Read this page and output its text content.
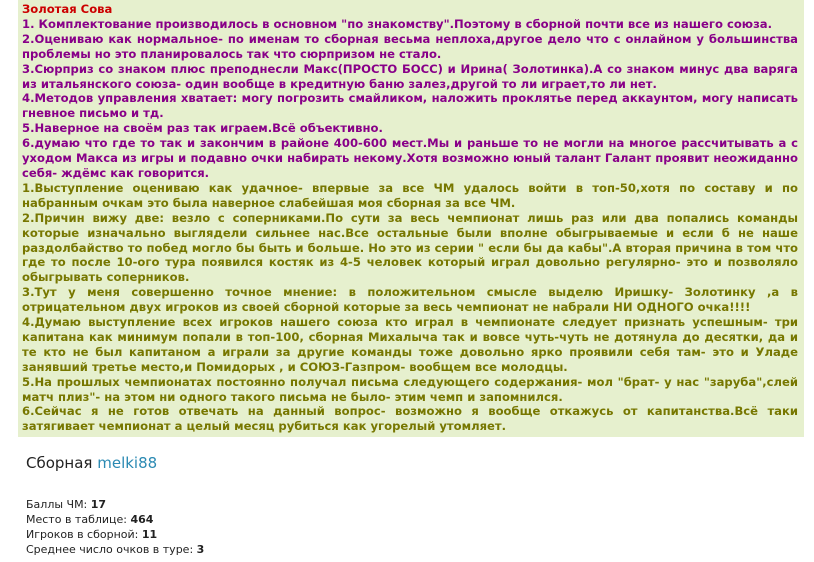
Золотая Сова

1. Комплектование производилось в основном "по знакомству".Поэтому в сборной почти все из нашего союза.

2.Оцениваю как нормальное- по именам то сборная весьма неплоха,другое дело что с онлайном у большинства проблемы но это планировалось так что сюрпризом не стало.

3.Сюрприз со знаком плюс преподнесли Макс(ПРОСТО БОСС) и Ирина( Золотинка).А со знаком минус два варяга из итальянского союза- один вообще в кредитную баню залез,другой то ли играет,то ли нет.

4.Методов управления хватает: могу погрозить смайликом, наложить проклятье перед аккаунтом, могу написать гневное письмо и тд.

5.Наверное на своём раз так играем.Всё объективно.

6.думаю что где то так и закончим в районе 400-600 мест.Мы и раньше то не могли на многое рассчитывать а с уходом Макса из игры и подавно очки набирать некому.Хотя возможно юный талант Галант проявит неожиданно себя- ждёмс как говорится.

1.Выступление оцениваю как удачное- впервые за все ЧМ удалось войти в топ-50,хотя по составу и по набранным очкам это была наверное слабейшая моя сборная за все ЧМ.

2.Причин вижу две: везло с соперниками.По сути за весь чемпионат лишь раз или два попались команды которые изначально выглядели сильнее нас.Все остальные были вполне обыгрываемые и если б не наше раздолбайство то побед могло бы быть и больше. Но это из серии " если бы да кабы".А вторая причина в том что где то после 10-ого тура появился костяк из 4-5 человек который играл довольно регулярно- это и позволяло обыгрывать соперников.

3.Тут у меня совершенно точное мнение: в положительном смысле выделю Иришку- Золотинку ,а в отрицательном двух игроков из своей сборной которые за весь чемпионат не набрали НИ ОДНОГО очка!!!!

4.Думаю выступление всех игроков нашего союза кто играл в чемпионате следует признать успешным- три капитана как минимум попали в топ-100, сборная Михалыча так и вовсе чуть-чуть не дотянула до десятки, да и те кто не был капитаном а играли за другие команды тоже довольно ярко проявили себя там- это и Уладе занявший третье место,и Помидорых , и СОЮЗ-Газпром- вообщем все молодцы.

5.На прошлых чемпионатах постоянно получал письма следующего содержания- мол "брат- у нас "заруба",слей матч плиз"- на этом ни одного такого письма не было- этим чемп и запомнился.

6.Сейчас я не готов отвечать на данный вопрос- возможно я вообще откажусь от капитанства.Всё таки затягивает чемпионат а целый месяц рубиться как угорелый утомляет.

Сборная melki88
Баллы ЧМ: 17
Место в таблице: 464
Игроков в сборной: 11
Среднее число очков в туре: 3
